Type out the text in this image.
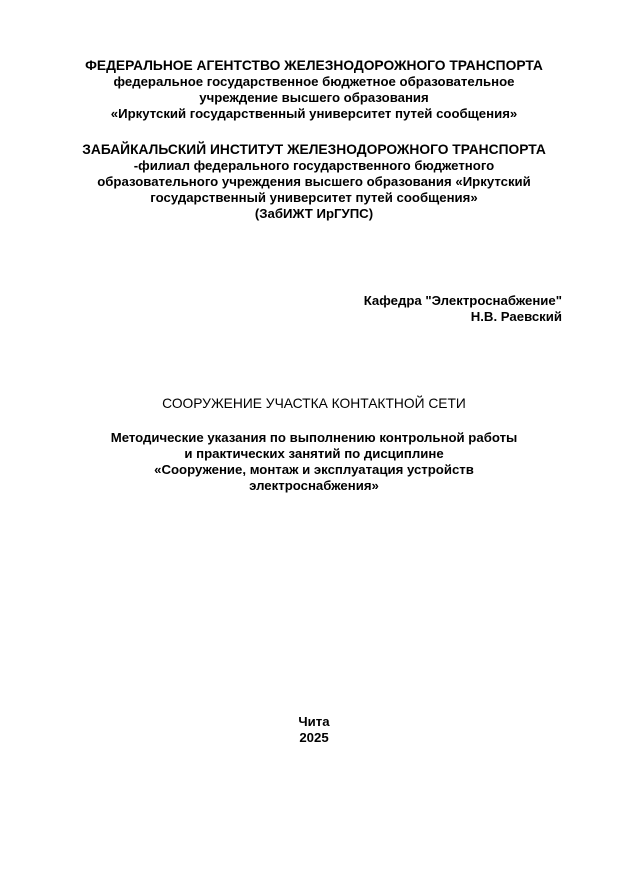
ФЕДЕРАЛЬНОЕ АГЕНТСТВО ЖЕЛЕЗНОДОРОЖНОГО ТРАНСПОРТА
федеральное государственное бюджетное образовательное
учреждение высшего образования
«Иркутский государственный университет путей сообщения»
ЗАБАЙКАЛЬСКИЙ ИНСТИТУТ ЖЕЛЕЗНОДОРОЖНОГО ТРАНСПОРТА
-филиал федерального государственного бюджетного
образовательного учреждения высшего образования «Иркутский
государственный университет путей сообщения»
(ЗабИЖТ ИрГУПС)
Кафедра "Электроснабжение"
Н.В. Раевский
СООРУЖЕНИЕ УЧАСТКА КОНТАКТНОЙ СЕТИ
Методические указания по выполнению контрольной работы
и практических занятий по дисциплине
«Сооружение, монтаж и эксплуатация устройств
электроснабжения»
Чита
2025
